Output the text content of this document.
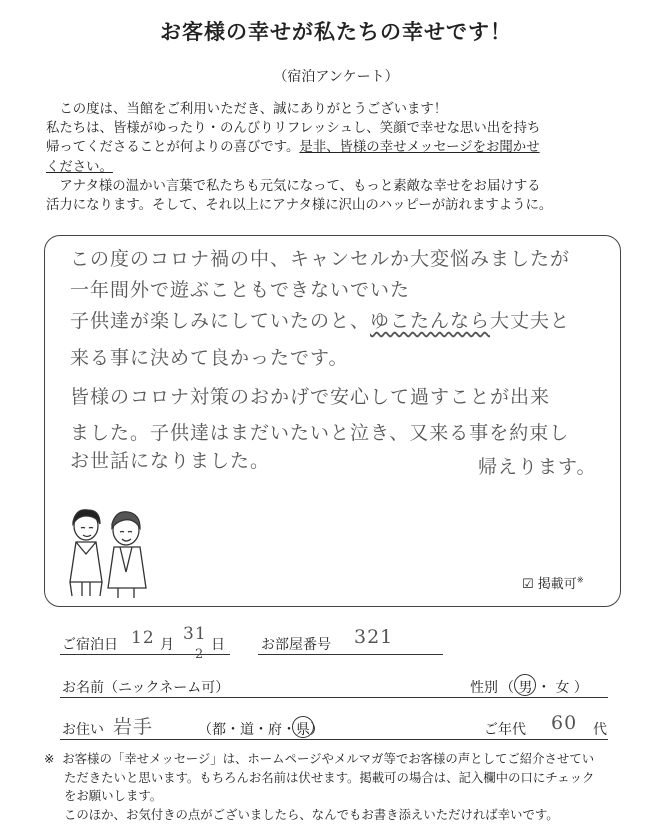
お客様の幸せが私たちの幸せです！
（宿泊アンケート）

この度は、当館をご利用いただき、誠にありがとうございます！

私たちは、皆様がゆったり・のんびりリフレッシュし、笑顔で幸せな思い出を持ち

帰ってくださることが何よりの喜びです。是非、皆様の幸せメッセージをお聞かせ

ください。

アナタ様の温かい言葉で私たちも元気になって、もっと素敵な幸せをお届けする

活力になります。そして、それ以上にアナタ様に沢山のハッピーが訪れますように。

この度のコロナ禍の中、キャンセルか大変悩みましたが
一年間外で遊ぶこともできないでいた
子供達が楽しみにしていたのと、ゆこたんなら大丈夫と
来る事に決めて良かったです。
皆様のコロナ対策のおかげで安心して過すことが出来
ました。子供達はまだいたいと泣き、又来る事を約束し
お世話になりました。	帰えります。
☑ 掲載可※
ご宿泊日 12 月
31
2
日	お部屋番号 321
お名前（ニックネーム可）	性別 （ 男 ・ 女 ）
お住い 岩手	（都・道・府・県
）	ご年代 60 代

※ お客様の「幸せメッセージ」は、ホームページやメルマガ等でお客様の声としてご紹介させてい

ただきたいと思います。もちろんお名前は伏せます。掲載可の場合は、記入欄中の口にチェック

をお願いします。

このほか、お気付きの点がございましたら、なんでもお書き添えいただければ幸いです。
